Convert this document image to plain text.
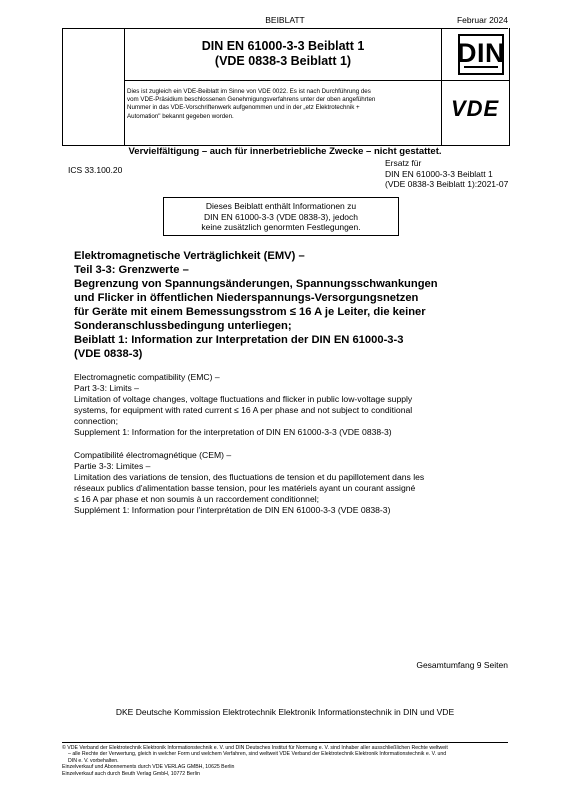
BEIBLATT	Februar 2024
DIN EN 61000-3-3 Beiblatt 1
(VDE 0838-3 Beiblatt 1)
Dies ist zugleich ein VDE-Beiblatt im Sinne von VDE 0022. Es ist nach Durchführung des
vom VDE-Präsidium beschlossenen Genehmigungsverfahrens unter der oben angeführten
Nummer in das VDE-Vorschriftenwerk aufgenommen und in der „etz Elektrotechnik +
Automation" bekannt gegeben worden.
DIN
VDE
Vervielfältigung – auch für innerbetriebliche Zwecke – nicht gestattet.
ICS 33.100.20
Ersatz für
DIN EN 61000-3-3 Beiblatt 1
(VDE 0838-3 Beiblatt 1):2021-07
Dieses Beiblatt enthält Informationen zu
DIN EN 61000-3-3 (VDE 0838-3), jedoch
keine zusätzlich genormten Festlegungen.
Elektromagnetische Verträglichkeit (EMV) –
Teil 3-3: Grenzwerte –
Begrenzung von Spannungsänderungen, Spannungsschwankungen
und Flicker in öffentlichen Niederspannungs-Versorgungsnetzen
für Geräte mit einem Bemessungsstrom ≤ 16 A je Leiter, die keiner
Sonderanschlussbedingung unterliegen;
Beiblatt 1: Information zur Interpretation der DIN EN 61000-3-3
(VDE 0838-3)
Electromagnetic compatibility (EMC) –
Part 3-3: Limits –
Limitation of voltage changes, voltage fluctuations and flicker in public low-voltage supply
systems, for equipment with rated current ≤ 16 A per phase and not subject to conditional
connection;
Supplement 1: Information for the interpretation of DIN EN 61000-3-3 (VDE 0838-3)
Compatibilité électromagnétique (CEM) –
Partie 3-3: Limites –
Limitation des variations de tension, des fluctuations de tension et du papillotement dans les
réseaux publics d'alimentation basse tension, pour les matériels ayant un courant assigné
≤ 16 A par phase et non soumis à un raccordement conditionnel;
Supplément 1: Information pour l'interprétation de DIN EN 61000-3-3 (VDE 0838-3)
Gesamtumfang 9 Seiten
DKE Deutsche Kommission Elektrotechnik Elektronik Informationstechnik in DIN und VDE
© VDE Verband der Elektrotechnik Elektronik Informationstechnik e. V. und DIN Deutsches Institut für Normung e. V. sind Inhaber aller ausschließlichen Rechte weltweit
– alle Rechte der Verwertung, gleich in welcher Form und welchem Verfahren, sind weltweit VDE Verband der Elektrotechnik Elektronik Informationstechnik e. V. und
DIN e. V. vorbehalten.
Einzelverkauf und Abonnements durch VDE VERLAG GMBH, 10625 Berlin
Einzelverkauf auch durch Beuth Verlag GmbH, 10772 Berlin
